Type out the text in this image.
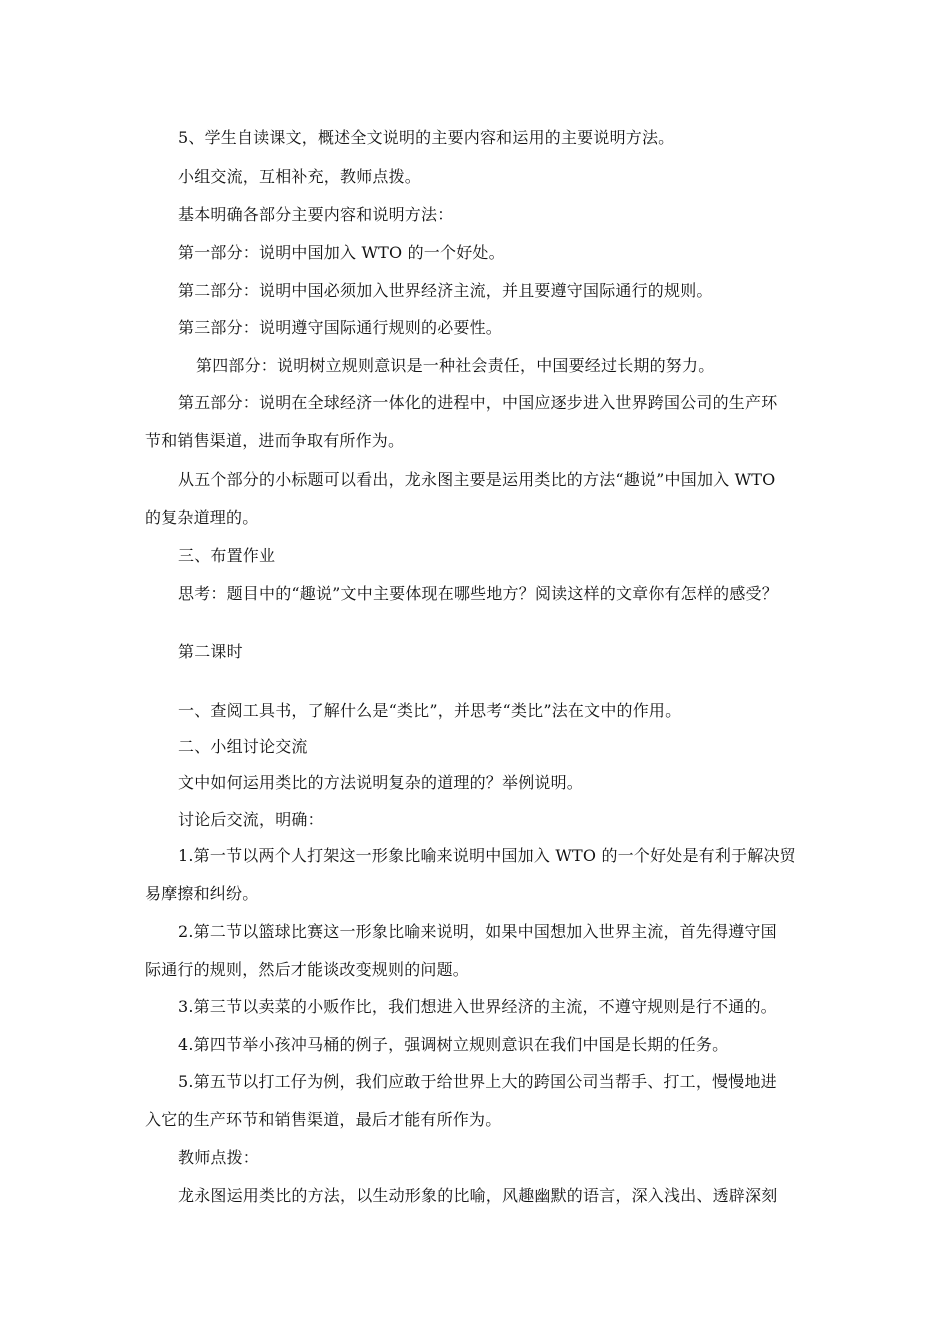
5、学生自读课文，概述全文说明的主要内容和运用的主要说明方法。
小组交流，互相补充，教师点拨。
基本明确各部分主要内容和说明方法：
第一部分：说明中国加入 WTO 的一个好处。
第二部分：说明中国必须加入世界经济主流，并且要遵守国际通行的规则。
第三部分：说明遵守国际通行规则的必要性。
第四部分：说明树立规则意识是一种社会责任，中国要经过长期的努力。
第五部分：说明在全球经济一体化的进程中，中国应逐步进入世界跨国公司的生产环
节和销售渠道，进而争取有所作为。
从五个部分的小标题可以看出，龙永图主要是运用类比的方法“趣说”中国加入 WTO
的复杂道理的。
三、布置作业
思考：题目中的“趣说”文中主要体现在哪些地方？阅读这样的文章你有怎样的感受？
第二课时
一、查阅工具书，了解什么是“类比”，并思考“类比”法在文中的作用。
二、小组讨论交流
文中如何运用类比的方法说明复杂的道理的？举例说明。
讨论后交流，明确：
1.第一节以两个人打架这一形象比喻来说明中国加入 WTO 的一个好处是有利于解决贸
易摩擦和纠纷。
2.第二节以篮球比赛这一形象比喻来说明，如果中国想加入世界主流，首先得遵守国
际通行的规则，然后才能谈改变规则的问题。
3.第三节以卖菜的小贩作比，我们想进入世界经济的主流，不遵守规则是行不通的。
4.第四节举小孩冲马桶的例子，强调树立规则意识在我们中国是长期的任务。
5.第五节以打工仔为例，我们应敢于给世界上大的跨国公司当帮手、打工，慢慢地进
入它的生产环节和销售渠道，最后才能有所作为。
教师点拨：
龙永图运用类比的方法，以生动形象的比喻，风趣幽默的语言，深入浅出、透辟深刻
